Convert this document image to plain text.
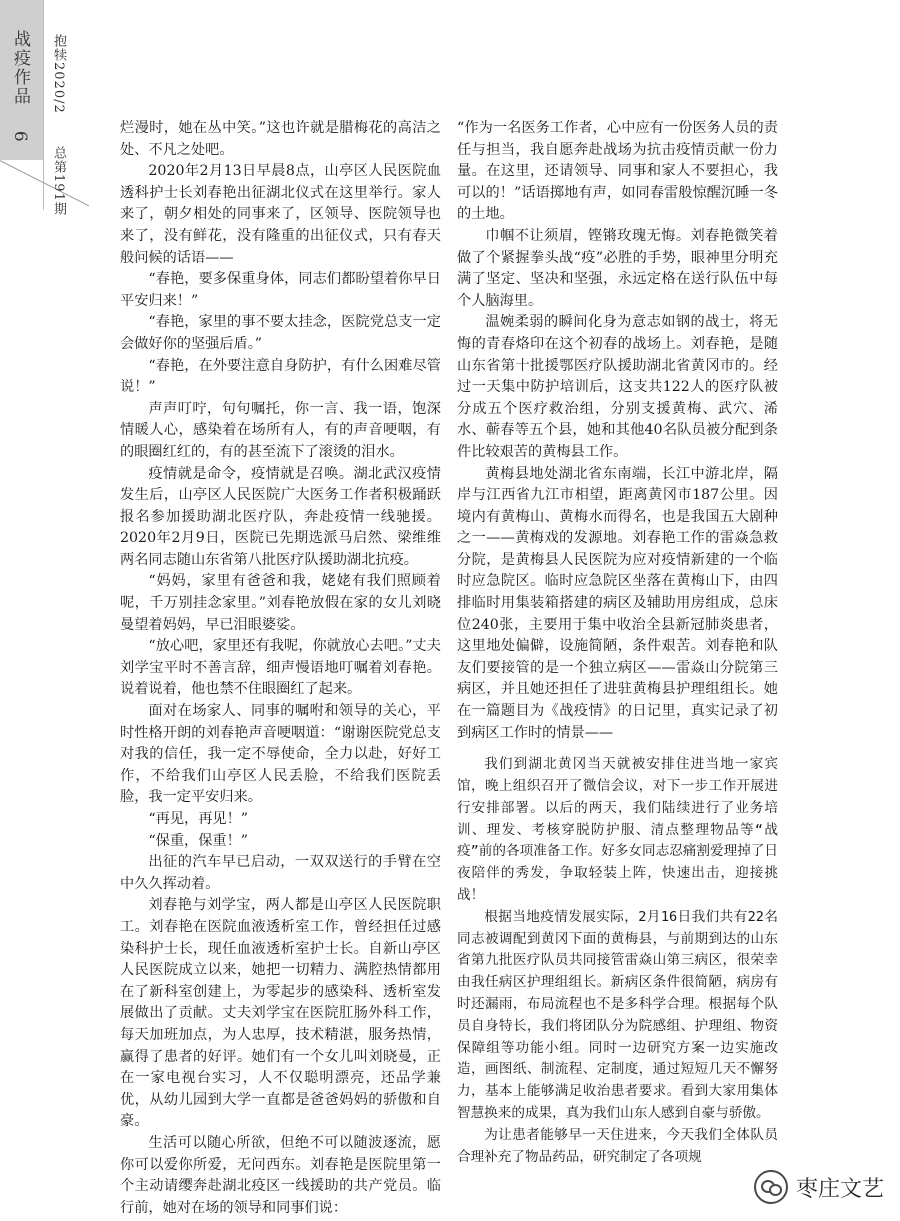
战疫作品  6
抱犊2020/2  总第191期

烂漫时，她在丛中笑。”这也许就是腊梅花的高洁之处、不凡之处吧。

2020年2月13日早晨8点，山亭区人民医院血透科护士长刘春艳出征湖北仪式在这里举行。家人来了，朝夕相处的同事来了，区领导、医院领导也来了，没有鲜花，没有隆重的出征仪式，只有春天般问候的话语——

“春艳，要多保重身体，同志们都盼望着你早日平安归来！”

“春艳，家里的事不要太挂念，医院党总支一定会做好你的坚强后盾。”

“春艳，在外要注意自身防护，有什么困难尽管说！”

声声叮咛，句句嘱托，你一言、我一语，饱深情暖人心，感染着在场所有人，有的声音哽咽，有的眼圈红红的，有的甚至流下了滚烫的泪水。

疫情就是命令，疫情就是召唤。湖北武汉疫情发生后，山亭区人民医院广大医务工作者积极踊跃报名参加援助湖北医疗队，奔赴疫情一线驰援。2020年2月9日，医院已先期选派马启然、梁维维两名同志随山东省第八批医疗队援助湖北抗疫。

“妈妈，家里有爸爸和我，姥姥有我们照顾着呢，千万别挂念家里。”刘春艳放假在家的女儿刘晓曼望着妈妈，早已泪眼婆娑。

“放心吧，家里还有我呢，你就放心去吧。”丈夫刘学宝平时不善言辞，细声慢语地叮嘱着刘春艳。说着说着，他也禁不住眼圈红了起来。

面对在场家人、同事的嘱咐和领导的关心，平时性格开朗的刘春艳声音哽咽道：“谢谢医院党总支对我的信任，我一定不辱使命，全力以赴，好好工作，不给我们山亭区人民丢脸，不给我们医院丢脸，我一定平安归来。

“再见，再见！”

“保重，保重！”

出征的汽车早已启动，一双双送行的手臂在空中久久挥动着。

刘春艳与刘学宝，两人都是山亭区人民医院职工。刘春艳在医院血液透析室工作，曾经担任过感染科护士长，现任血液透析室护士长。自新山亭区人民医院成立以来，她把一切精力、满腔热情都用在了新科室创建上，为零起步的感染科、透析室发展做出了贡献。丈夫刘学宝在医院肛肠外科工作，每天加班加点，为人忠厚，技术精湛，服务热情，赢得了患者的好评。她们有一个女儿叫刘晓曼，正在一家电视台实习，人不仅聪明漂亮，还品学兼优，从幼儿园到大学一直都是爸爸妈妈的骄傲和自豪。

生活可以随心所欲，但绝不可以随波逐流，愿你可以爱你所爱，无问西东。刘春艳是医院里第一个主动请缨奔赴湖北疫区一线援助的共产党员。临行前，她对在场的领导和同事们说：

“作为一名医务工作者，心中应有一份医务人员的责任与担当，我自愿奔赴战场为抗击疫情贡献一份力量。在这里，还请领导、同事和家人不要担心，我可以的！”话语掷地有声，如同春雷般惊醒沉睡一冬的土地。

巾帼不让须眉，铿锵玫瑰无悔。刘春艳微笑着做了个紧握拳头战“疫”必胜的手势，眼神里分明充满了坚定、坚决和坚强，永远定格在送行队伍中每个人脑海里。

温婉柔弱的瞬间化身为意志如钢的战士，将无悔的青春烙印在这个初春的战场上。刘春艳，是随山东省第十批援鄂医疗队援助湖北省黄冈市的。经过一天集中防护培训后，这支共122人的医疗队被分成五个医疗救治组，分别支援黄梅、武穴、浠水、蕲春等五个县，她和其他40名队员被分配到条件比较艰苦的黄梅县工作。

黄梅县地处湖北省东南端，长江中游北岸，隔岸与江西省九江市相望，距离黄冈市187公里。因境内有黄梅山、黄梅水而得名，也是我国五大剧种之一——黄梅戏的发源地。刘春艳工作的雷焱急救分院，是黄梅县人民医院为应对疫情新建的一个临时应急院区。临时应急院区坐落在黄梅山下，由四排临时用集装箱搭建的病区及辅助用房组成，总床位240张，主要用于集中收治全县新冠肺炎患者，这里地处偏僻，设施简陋，条件艰苦。刘春艳和队友们要接管的是一个独立病区——雷焱山分院第三病区，并且她还担任了进驻黄梅县护理组组长。她在一篇题目为《战疫情》的日记里，真实记录了初到病区工作时的情景——

我们到湖北黄冈当天就被安排住进当地一家宾馆，晚上组织召开了微信会议，对下一步工作开展进行安排部署。以后的两天，我们陆续进行了业务培训、理发、考核穿脱防护服、清点整理物品等“战疫”前的各项准备工作。好多女同志忍痛割爱理掉了日夜陪伴的秀发，争取轻装上阵，快速出击，迎接挑战！

根据当地疫情发展实际，2月16日我们共有22名同志被调配到黄冈下面的黄梅县，与前期到达的山东省第九批医疗队员共同接管雷焱山第三病区，很荣幸由我任病区护理组组长。新病区条件很简陋，病房有时还漏雨，布局流程也不是多科学合理。根据每个队员自身特长，我们将团队分为院感组、护理组、物资保障组等功能小组。同时一边研究方案一边实施改造，画图纸、制流程、定制度，通过短短几天不懈努力，基本上能够满足收治患者要求。看到大家用集体智慧换来的成果，真为我们山东人感到自豪与骄傲。

为让患者能够早一天住进来，今天我们全体队员合理补充了物品药品，研究制定了各项规

枣庄文艺
